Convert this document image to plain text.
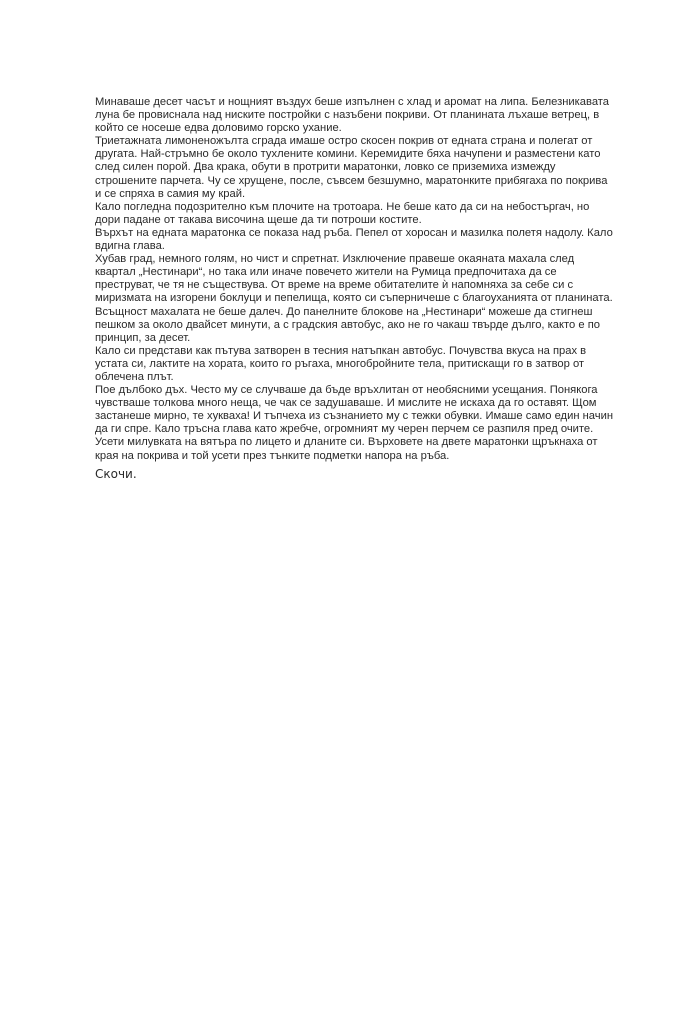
Минаваше десет часът и нощният въздух беше изпълнен с хлад и аромат на липа. Белезникавата луна бе провиснала над ниските постройки с назъбени покриви. От планината лъхаше ветрец, в който се носеше едва доловимо горско ухание.

Триетажната лимоненожълта сграда имаше остро скосен покрив от едната страна и полегат от другата. Най-стръмно бе около тухлените комини. Керемидите бяха начупени и разместени като след силен порой. Два крака, обути в протрити маратонки, ловко се приземиха измежду строшените парчета. Чу се хрущене, после, съвсем безшумно, маратонките прибягаха по покрива и се спряха в самия му край.

Кало погледна подозрително към плочите на тротоара. Не беше като да си на небостъргач, но дори падане от такава височина щеше да ти потроши костите.

Върхът на едната маратонка се показа над ръба. Пепел от хоросан и мазилка полетя надолу. Кало вдигна глава.

Хубав град, немного голям, но чист и спретнат. Изключение правеше окаяната махала след квартал „Нестинари“, но така или иначе повечето жители на Румица предпочитаха да се преструват, че тя не съществува. От време на време обитателите ѝ напомняха за себе си с миризмата на изгорени боклуци и пепелища, която си съперничеше с благоуханията от планината. Всъщност махалата не беше далеч. До панелните блокове на „Нестинари“ можеше да стигнеш пешком за около двайсет минути, а с градския автобус, ако не го чакаш твърде дълго, както е по принцип, за десет.

Кало си представи как пътува затворен в тесния натъпкан автобус. Почувства вкуса на прах в устата си, лактите на хората, които го ръгаха, многобройните тела, притискащи го в затвор от облечена плът.

Пое дълбоко дъх. Често му се случваше да бъде връхлитан от необясними усещания. Понякога чувстваше толкова много неща, че чак се задушаваше. И мислите не искаха да го оставят. Щом застанеше мирно, те хукваха! И тъпчеха из съзнанието му с тежки обувки. Имаше само един начин да ги спре. Кало тръсна глава като жребче, огромният му черен перчем се разпиля пред очите. Усети милувката на вятъра по лицето и дланите си. Върховете на двете маратонки щръкнаха от края на покрива и той усети през тънките подметки напора на ръба.

Скочи.
